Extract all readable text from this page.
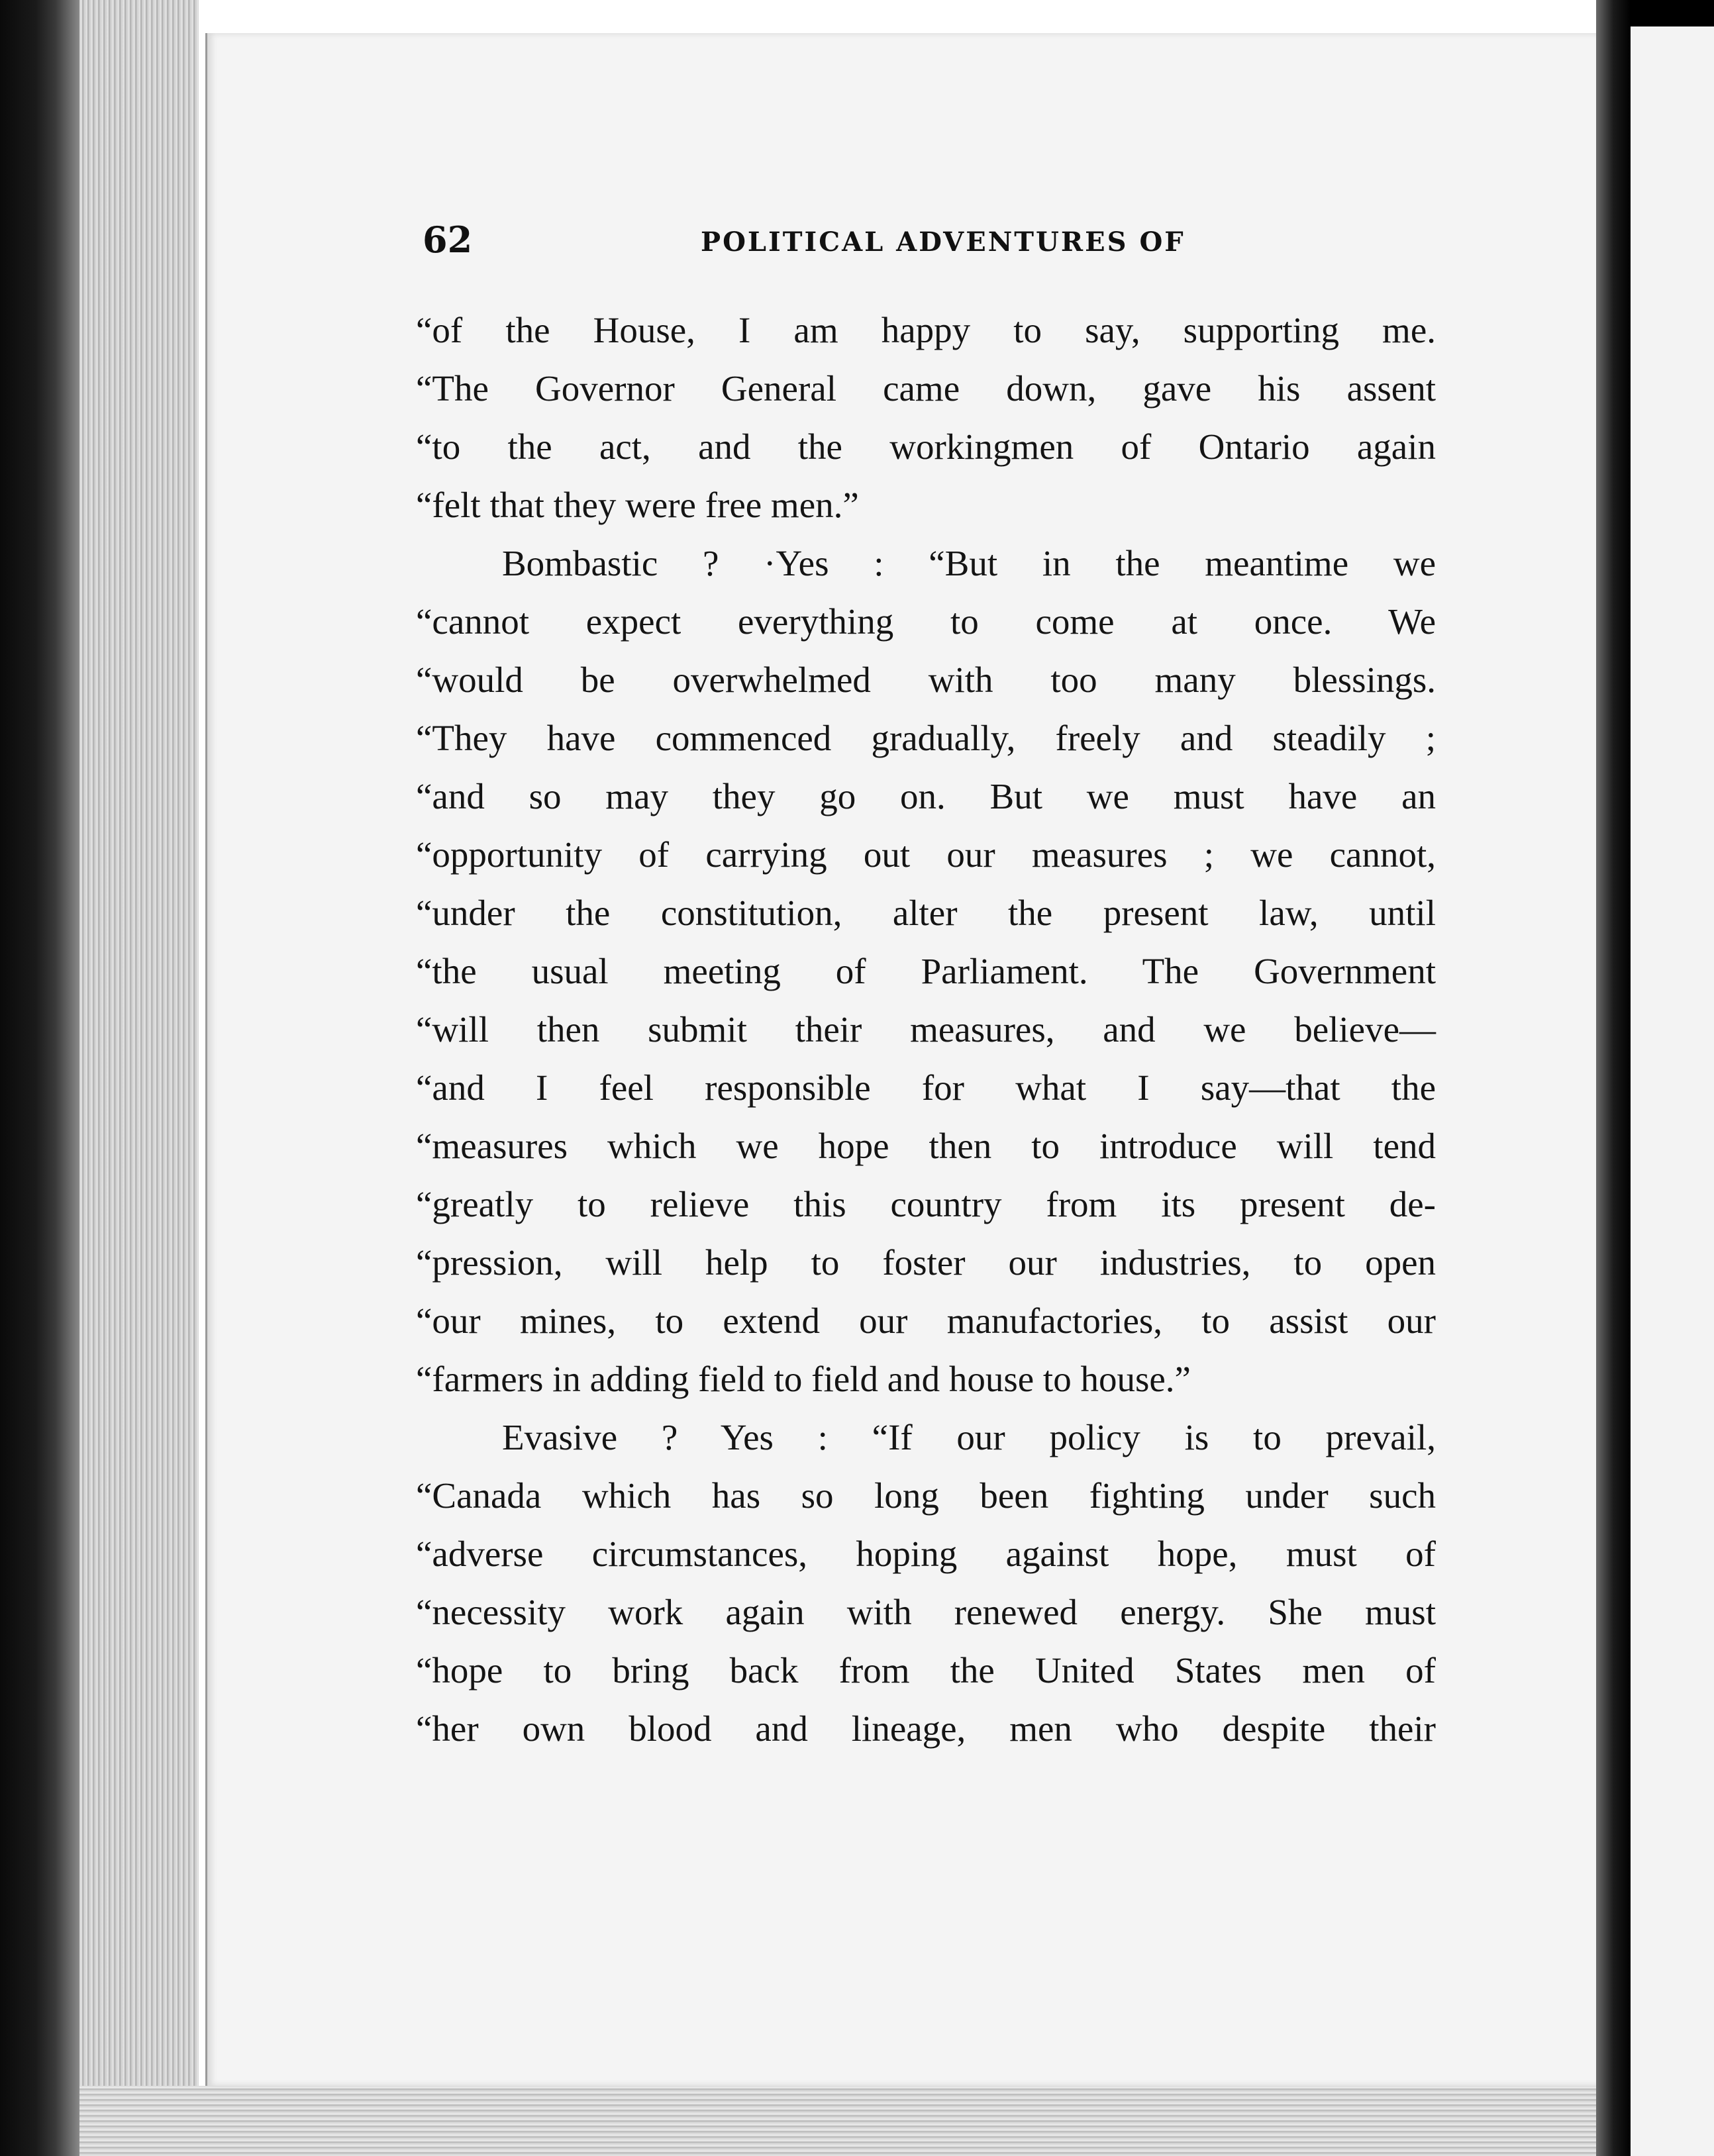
62	POLITICAL ADVENTURES OF
“of the House, I am happy to say, supporting me.
“The Governor General came down, gave his assent
“to the act, and the workingmen of Ontario again
“felt that they were free men.”
Bombastic ? ·Yes : “But in the meantime we
“cannot expect everything to come at once. We
“would be overwhelmed with too many blessings.
“They have commenced gradually, freely and steadily ;
“and so may they go on. But we must have an
“opportunity of carrying out our measures ; we cannot,
“under the constitution, alter the present law, until
“the usual meeting of Parliament. The Government
“will then submit their measures, and we believe—
“and I feel responsible for what I say—that the
“measures which we hope then to introduce will tend
“greatly to relieve this country from its present de-
“pression, will help to foster our industries, to open
“our mines, to extend our manufactories, to assist our
“farmers in adding field to field and house to house.”
Evasive ? Yes : “If our policy is to prevail,
“Canada which has so long been fighting under such
“adverse circumstances, hoping against hope, must of
“necessity work again with renewed energy. She must
“hope to bring back from the United States men of
“her own blood and lineage, men who despite their
